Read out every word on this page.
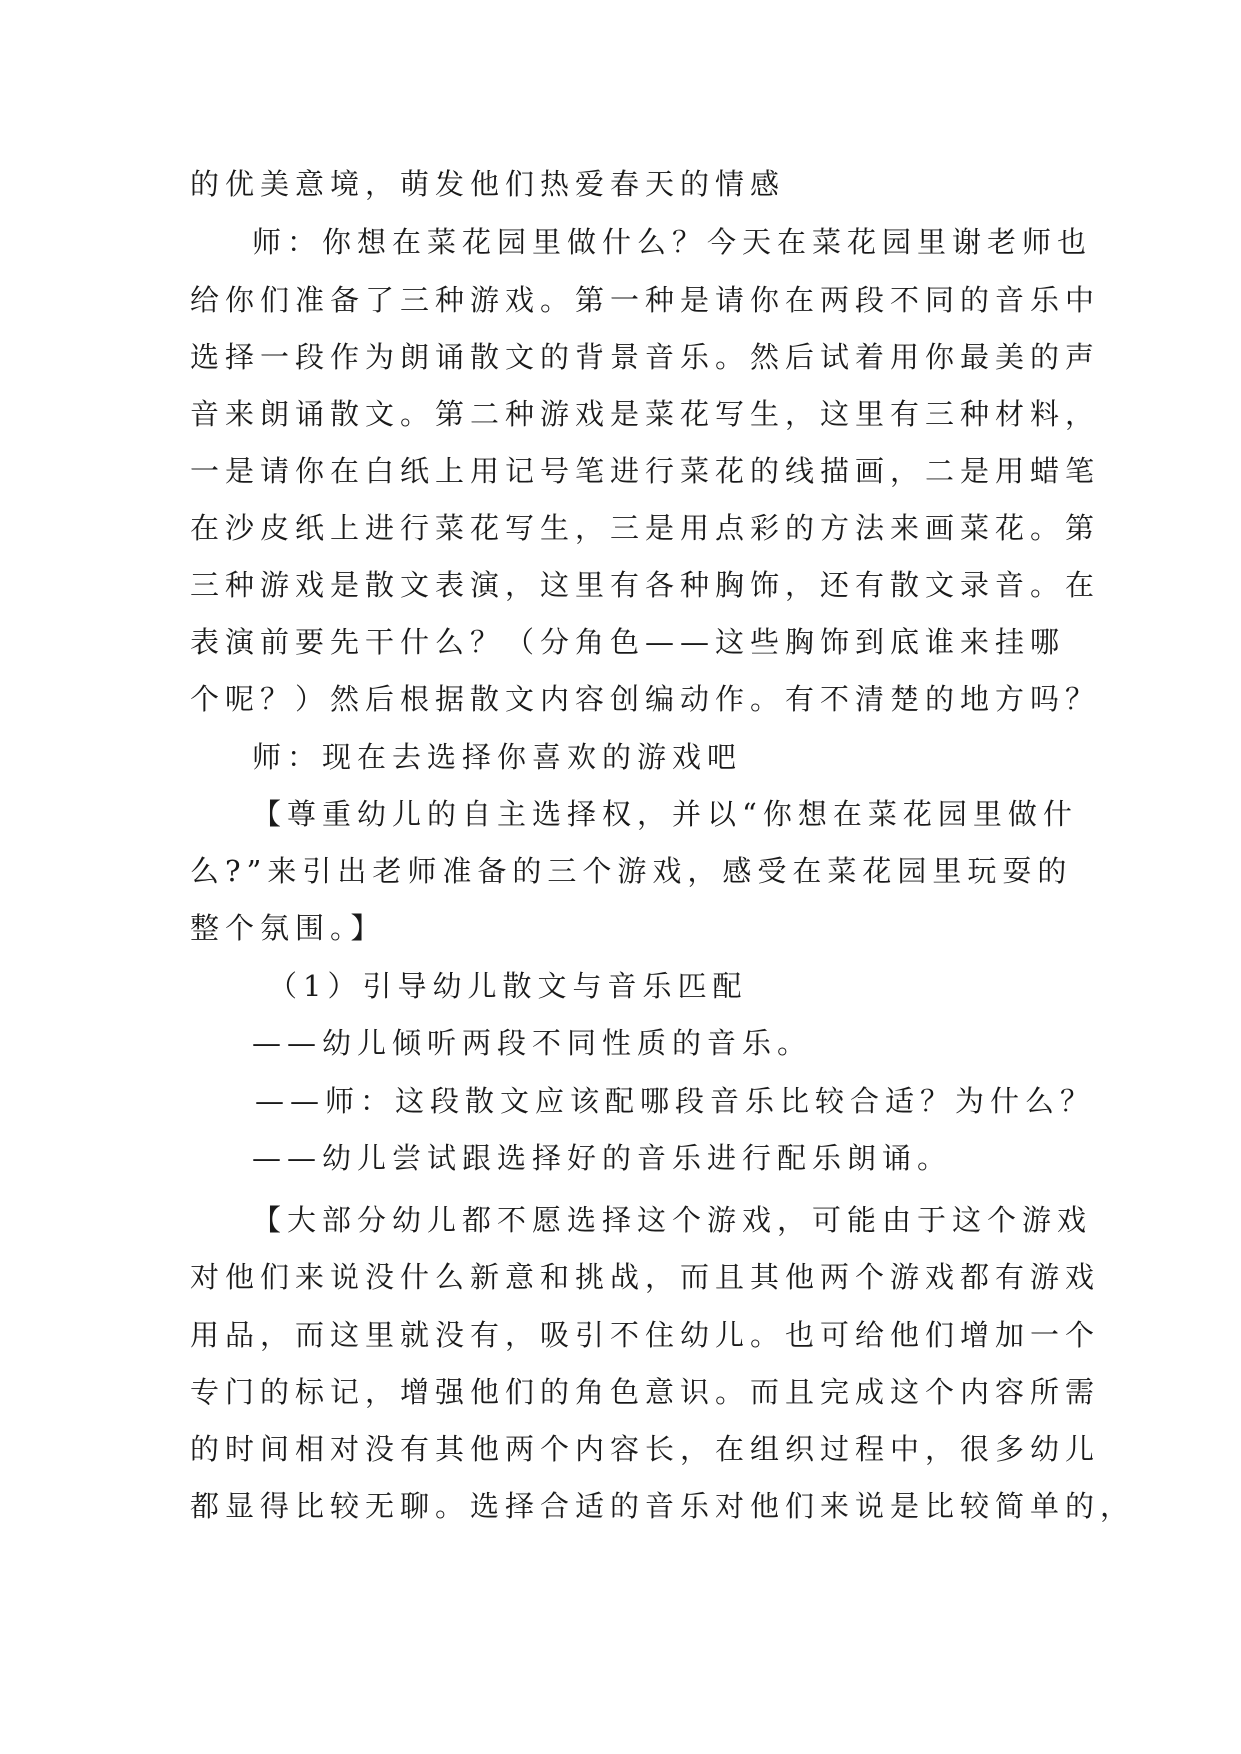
的优美意境，萌发他们热爱春天的情感
师：你想在菜花园里做什么？今天在菜花园里谢老师也
给你们准备了三种游戏。第一种是请你在两段不同的音乐中
选择一段作为朗诵散文的背景音乐。然后试着用你最美的声
音来朗诵散文。第二种游戏是菜花写生，这里有三种材料，
一是请你在白纸上用记号笔进行菜花的线描画，二是用蜡笔
在沙皮纸上进行菜花写生，三是用点彩的方法来画菜花。第
三种游戏是散文表演，这里有各种胸饰，还有散文录音。在
表演前要先干什么？（分角色——这些胸饰到底谁来挂哪
个呢？）然后根据散文内容创编动作。有不清楚的地方吗？
师：现在去选择你喜欢的游戏吧
【尊重幼儿的自主选择权，并以“你想在菜花园里做什
么?”来引出老师准备的三个游戏，感受在菜花园里玩耍的
整个氛围。】
（1）引导幼儿散文与音乐匹配
——幼儿倾听两段不同性质的音乐。
——师：这段散文应该配哪段音乐比较合适？为什么？
——幼儿尝试跟选择好的音乐进行配乐朗诵。
【大部分幼儿都不愿选择这个游戏，可能由于这个游戏
对他们来说没什么新意和挑战，而且其他两个游戏都有游戏
用品，而这里就没有，吸引不住幼儿。也可给他们增加一个
专门的标记，增强他们的角色意识。而且完成这个内容所需
的时间相对没有其他两个内容长，在组织过程中，很多幼儿
都显得比较无聊。选择合适的音乐对他们来说是比较简单的，
